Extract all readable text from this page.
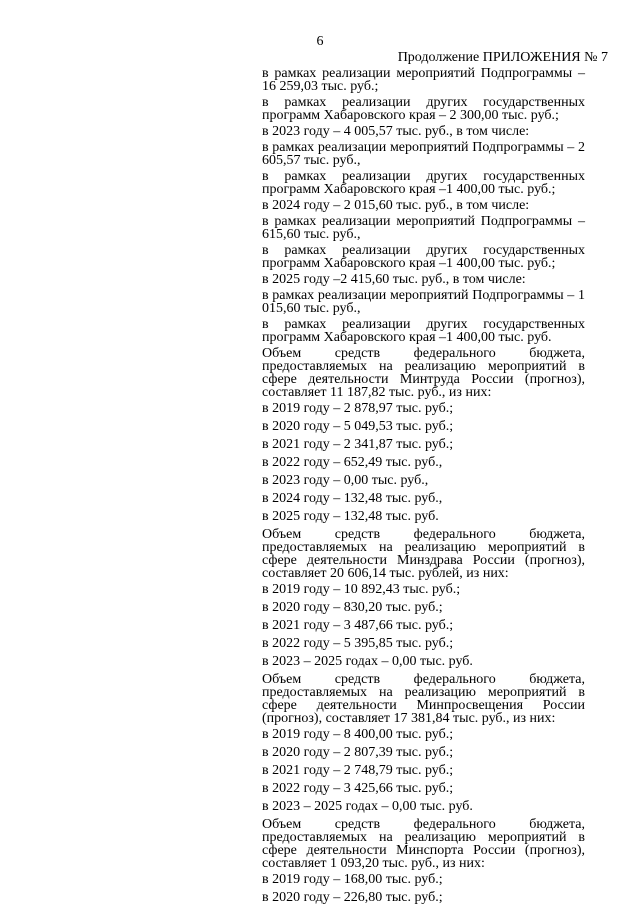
6
Продолжение ПРИЛОЖЕНИЯ № 7

в рамках реализации мероприятий Подпрограммы – 16 259,03 тыс. руб.;

в рамках реализации других государственных программ Хабаровского края – 2 300,00 тыс. руб.;

в 2023 году – 4 005,57 тыс. руб., в том числе:

в рамках реализации мероприятий Подпрограммы – 2 605,57 тыс. руб.,

в рамках реализации других государственных программ Хабаровского края –1 400,00 тыс. руб.;

в 2024 году – 2 015,60 тыс. руб., в том числе:

в рамках реализации мероприятий Подпрограммы – 615,60 тыс. руб.,

в рамках реализации других государственных программ Хабаровского края –1 400,00 тыс. руб.;

в 2025 году –2 415,60 тыс. руб., в том числе:

в рамках реализации мероприятий Подпрограммы – 1 015,60 тыс. руб.,

в рамках реализации других государственных программ Хабаровского края –1 400,00 тыс. руб.

Объем средств федерального бюджета, предоставляемых на реализацию мероприятий в сфере деятельности Минтруда России (прогноз), составляет 11 187,82 тыс. руб., из них:

в 2019 году – 2 878,97 тыс. руб.;
в 2020 году – 5 049,53 тыс. руб.;
в 2021 году – 2 341,87 тыс. руб.;
в 2022 году – 652,49 тыс. руб.,
в 2023 году – 0,00 тыс. руб.,
в 2024 году – 132,48 тыс. руб.,
в 2025 году – 132,48 тыс. руб.

Объем средств федерального бюджета, предоставляемых на реализацию мероприятий в сфере деятельности Минздрава России (прогноз), составляет 20 606,14 тыс. рублей, из них:

в 2019 году – 10 892,43 тыс. руб.;
в 2020 году – 830,20 тыс. руб.;
в 2021 году – 3 487,66 тыс. руб.;
в 2022 году – 5 395,85 тыс. руб.;
в 2023 – 2025 годах – 0,00 тыс. руб.

Объем средств федерального бюджета, предоставляемых на реализацию мероприятий в сфере деятельности Минпросвещения России (прогноз), составляет 17 381,84 тыс. руб., из них:

в 2019 году – 8 400,00 тыс. руб.;
в 2020 году – 2 807,39 тыс. руб.;
в 2021 году – 2 748,79 тыс. руб.;
в 2022 году – 3 425,66 тыс. руб.;
в 2023 – 2025 годах – 0,00 тыс. руб.

Объем средств федерального бюджета, предоставляемых на реализацию мероприятий в сфере деятельности Минспорта России (прогноз), составляет 1 093,20 тыс. руб., из них:

в 2019 году – 168,00 тыс. руб.;
в 2020 году – 226,80 тыс. руб.;
